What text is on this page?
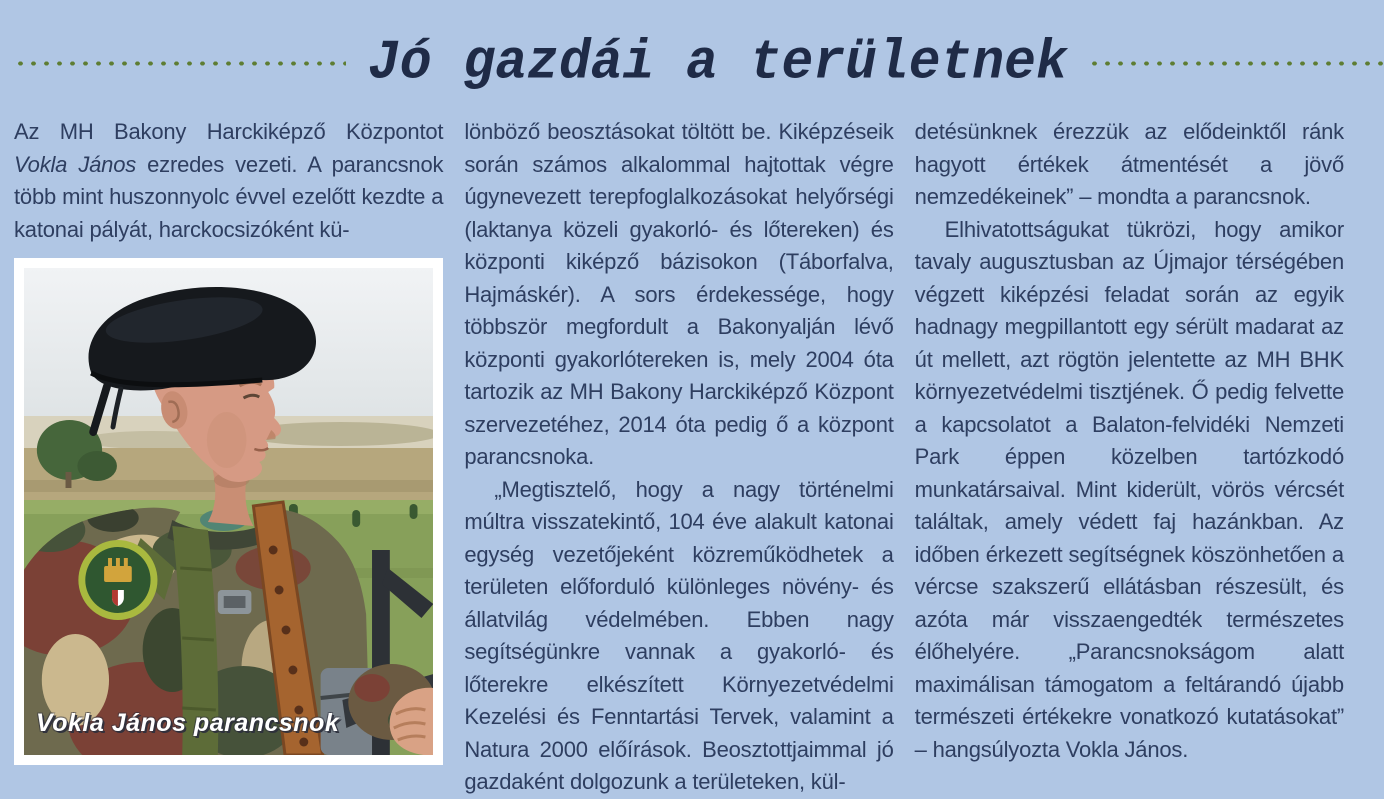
Jó gazdái a területnek

Az MH Bakony Harckiképző Központot Vokla János ezredes vezeti. A parancsnok több mint huszonnyolc évvel ezelőtt kezdte a katonai pályát, harckocsizóként kü-

Vokla János parancsnok

lönböző beosztásokat töltött be. Kiképzéseik során számos alkalommal hajtottak végre úgynevezett terepfoglalkozásokat helyőrségi (laktanya közeli gyakorló- és lőtereken) és központi kiképző bázisokon (Táborfalva, Hajmáskér). A sors érdekessége, hogy többször megfordult a Bakonyalján lévő központi gyakorlótereken is, mely 2004 óta tartozik az MH Bakony Harckiképző Központ szervezetéhez, 2014 óta pedig ő a központ parancsnoka.

„Megtisztelő, hogy a nagy történelmi múltra visszatekintő, 104 éve alakult katonai egység vezetőjeként közreműködhetek a területen előforduló különleges növény- és állatvilág védelmében. Ebben nagy segítségünkre vannak a gyakorló- és lőterekre elkészített Környezetvédelmi Kezelési és Fenntartási Tervek, valamint a Natura 2000 előírások. Beosztottjaimmal jó gazdaként dolgozunk a területeken, kül-

detésünknek érezzük az elődeinktől ránk hagyott értékek átmentését a jövő nemzedékeinek” – mondta a parancsnok.

Elhivatottságukat tükrözi, hogy amikor tavaly augusztusban az Újmajor térségében végzett kiképzési feladat során az egyik hadnagy megpillantott egy sérült madarat az út mellett, azt rögtön jelentette az MH BHK környezetvédelmi tisztjének. Ő pedig felvette a kapcsolatot a Balaton-felvidéki Nemzeti Park éppen közelben tartózkodó munkatársaival. Mint kiderült, vörös vércsét találtak, amely védett faj hazánkban. Az időben érkezett segítségnek köszönhetően a vércse szakszerű ellátásban részesült, és azóta már visszaengedték természetes élőhelyére. „Parancsnokságom alatt maximálisan támogatom a feltárandó újabb természeti értékekre vonatkozó kutatásokat” – hangsúlyozta Vokla János.
